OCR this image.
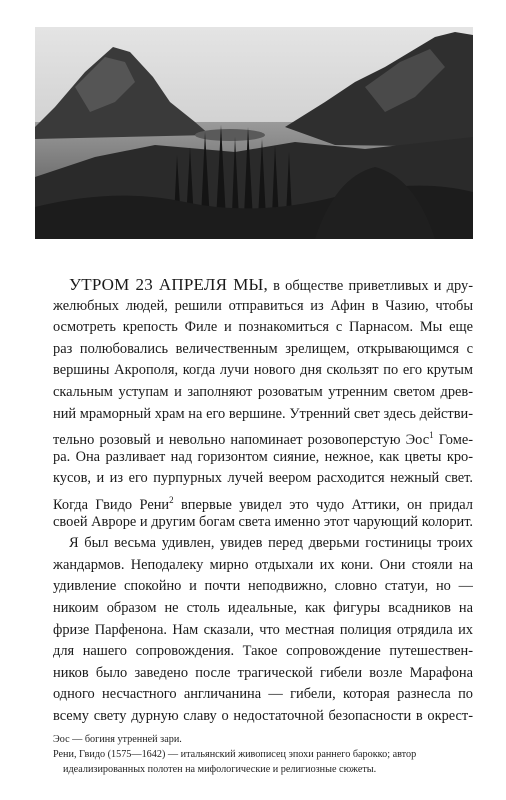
УТРОМ 23 АПРЕЛЯ МЫ, в обществе приветливых и дру-
желюбных людей, решили отправиться из Афин в Чазию, чтобы
осмотреть крепость Филе и познакомиться с Парнасом. Мы еще
раз полюбовались величественным зрелищем, открывающимся с
вершины Акрополя, когда лучи нового дня скользят по его крутым
скальным уступам и заполняют розоватым утренним светом древ-
ний мраморный храм на его вершине. Утренний свет здесь действи-
тельно розовый и невольно напоминает розовоперстую Эос$^1$ Гоме-
ра. Она разливает над горизонтом сияние, нежное, как цветы кро-
кусов, и из его пурпурных лучей веером расходится нежный свет.
Когда Гвидо Рени$^2$ впервые увидел это чудо Аттики, он придал
своей Авроре и другим богам света именно этот чарующий колорит.
Я был весьма удивлен, увидев перед дверьми гостиницы троих
жандармов. Неподалеку мирно отдыхали их кони. Они стояли на
удивление спокойно и почти неподвижно, словно статуи, но —
никоим образом не столь идеальные, как фигуры всадников на
фризе Парфенона. Нам сказали, что местная полиция отрядила их
для нашего сопровождения. Такое сопровождение путешествен-
ников было заведено после трагической гибели возле Марафона
одного несчастного англичанина — гибели, которая разнесла по
всему свету дурную славу о недостаточной безопасности в окрест-
Эос — богиня утренней зари.
Рени, Гвидо (1575—1642) — итальянский живописец эпохи раннего барокко; автор
идеализированных полотен на мифологические и религиозные сюжеты.
